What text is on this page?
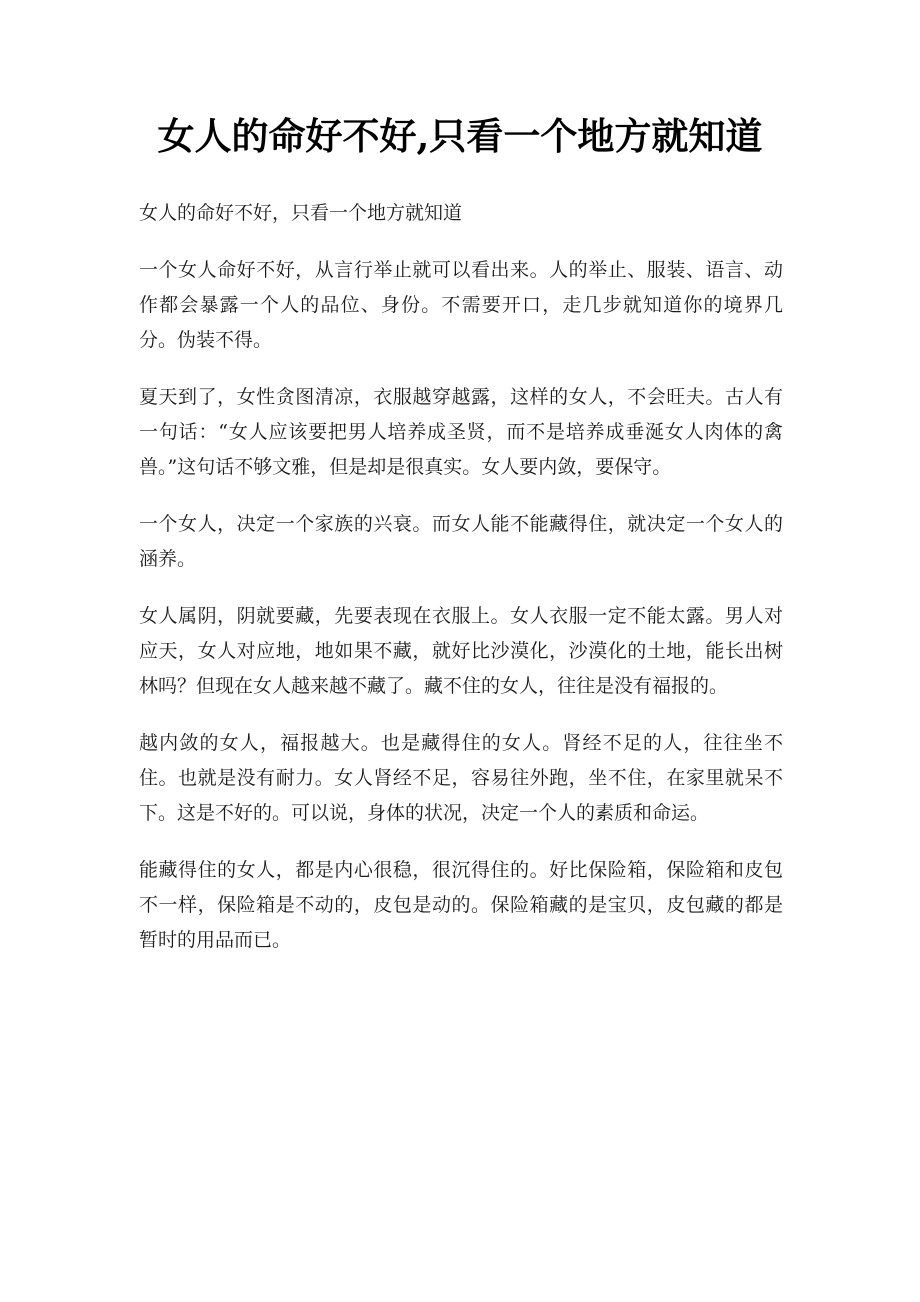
女人的命好不好,只看一个地方就知道

女人的命好不好，只看一个地方就知道

一个女人命好不好，从言行举止就可以看出来。人的举止、服装、语言、动作都会暴露一个人的品位、身份。不需要开口，走几步就知道你的境界几分。伪装不得。

夏天到了，女性贪图清凉，衣服越穿越露，这样的女人，不会旺夫。古人有一句话：“女人应该要把男人培养成圣贤，而不是培养成垂涎女人肉体的禽兽。”这句话不够文雅，但是却是很真实。女人要内敛，要保守。

一个女人，决定一个家族的兴衰。而女人能不能藏得住，就决定一个女人的涵养。

女人属阴，阴就要藏，先要表现在衣服上。女人衣服一定不能太露。男人对应天，女人对应地，地如果不藏，就好比沙漠化，沙漠化的土地，能长出树林吗？但现在女人越来越不藏了。藏不住的女人，往往是没有福报的。

越内敛的女人，福报越大。也是藏得住的女人。肾经不足的人，往往坐不住。也就是没有耐力。女人肾经不足，容易往外跑，坐不住，在家里就呆不下。这是不好的。可以说，身体的状况，决定一个人的素质和命运。

能藏得住的女人，都是内心很稳，很沉得住的。好比保险箱，保险箱和皮包不一样，保险箱是不动的，皮包是动的。保险箱藏的是宝贝，皮包藏的都是暂时的用品而已。
